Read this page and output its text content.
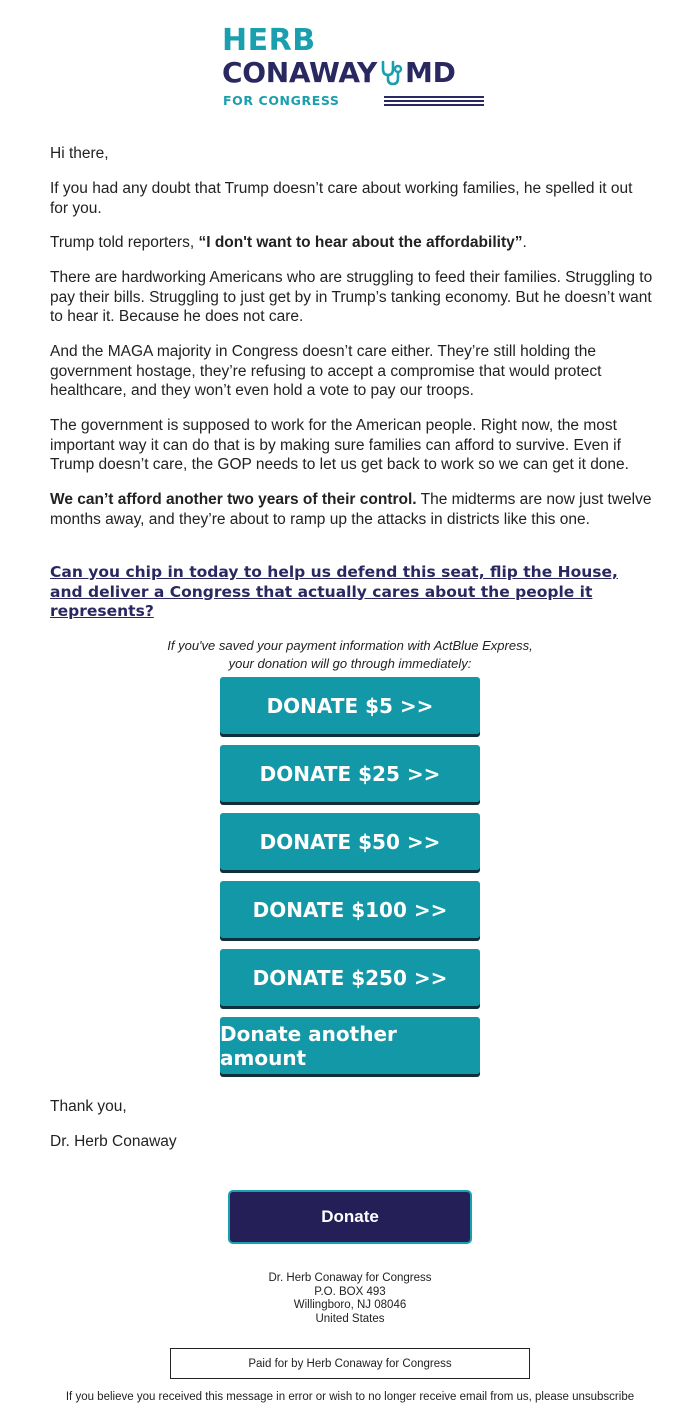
HERB
CONAWAY MD
FOR CONGRESS
Hi there,
If you had any doubt that Trump doesn’t care about working families, he spelled it out for you.
Trump told reporters, “I don't want to hear about the affordability”.
There are hardworking Americans who are struggling to feed their families. Struggling to pay their bills. Struggling to just get by in Trump’s tanking economy. But he doesn’t want to hear it. Because he does not care.
And the MAGA majority in Congress doesn’t care either. They’re still holding the government hostage, they’re refusing to accept a compromise that would protect healthcare, and they won’t even hold a vote to pay our troops.
The government is supposed to work for the American people. Right now, the most important way it can do that is by making sure families can afford to survive. Even if Trump doesn’t care, the GOP needs to let us get back to work so we can get it done.
We can’t afford another two years of their control. The midterms are now just twelve months away, and they’re about to ramp up the attacks in districts like this one.
Can you chip in today to help us defend this seat, flip the House, and deliver a Congress that actually cares about the people it represents?
If you've saved your payment information with ActBlue Express,
your donation will go through immediately:
DONATE $5 >>
DONATE $25 >>
DONATE $50 >>
DONATE $100 >>
DONATE $250 >>
Donate another amount
Thank you,
Dr. Herb Conaway
Donate
Dr. Herb Conaway for Congress
P.O. BOX 493
Willingboro, NJ 08046
United States
Paid for by Herb Conaway for Congress
If you believe you received this message in error or wish to no longer receive email from us, please unsubscribe
